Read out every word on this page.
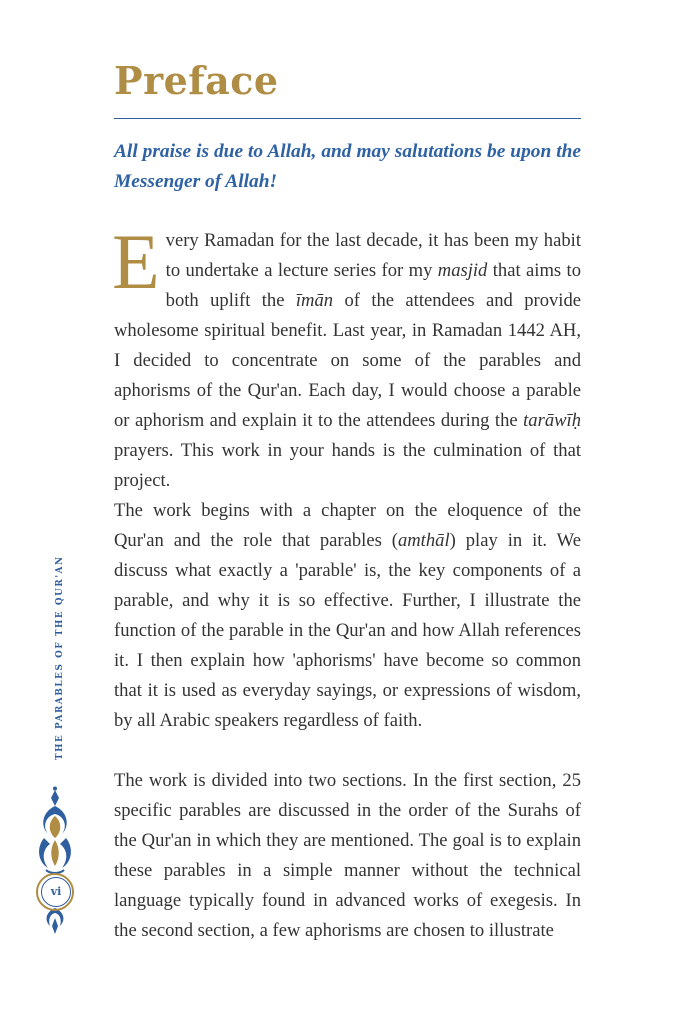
Preface

All praise is due to Allah, and may salutations be upon the Messenger of Allah!

Every Ramadan for the last decade, it has been my habit to undertake a lecture series for my masjid that aims to both uplift the īmān of the attendees and provide wholesome spiritual benefit. Last year, in Ramadan 1442 AH, I decided to concentrate on some of the parables and aphorisms of the Qur'an. Each day, I would choose a parable or aphorism and explain it to the attendees during the tarāwīḥ prayers. This work in your hands is the culmination of that project.

The work begins with a chapter on the eloquence of the Qur'an and the role that parables (amthāl) play in it. We discuss what exactly a 'parable' is, the key components of a parable, and why it is so effective. Further, I illustrate the function of the parable in the Qur'an and how Allah references it. I then explain how 'aphorisms' have become so common that it is used as everyday sayings, or expressions of wisdom, by all Arabic speakers regardless of faith.

The work is divided into two sections. In the first section, 25 specific parables are discussed in the order of the Surahs of the Qur'an in which they are mentioned. The goal is to explain these parables in a simple manner without the technical language typically found in advanced works of exegesis. In the second section, a few aphorisms are chosen to illustrate

THE PARABLES OF THE QUR'AN
vi
